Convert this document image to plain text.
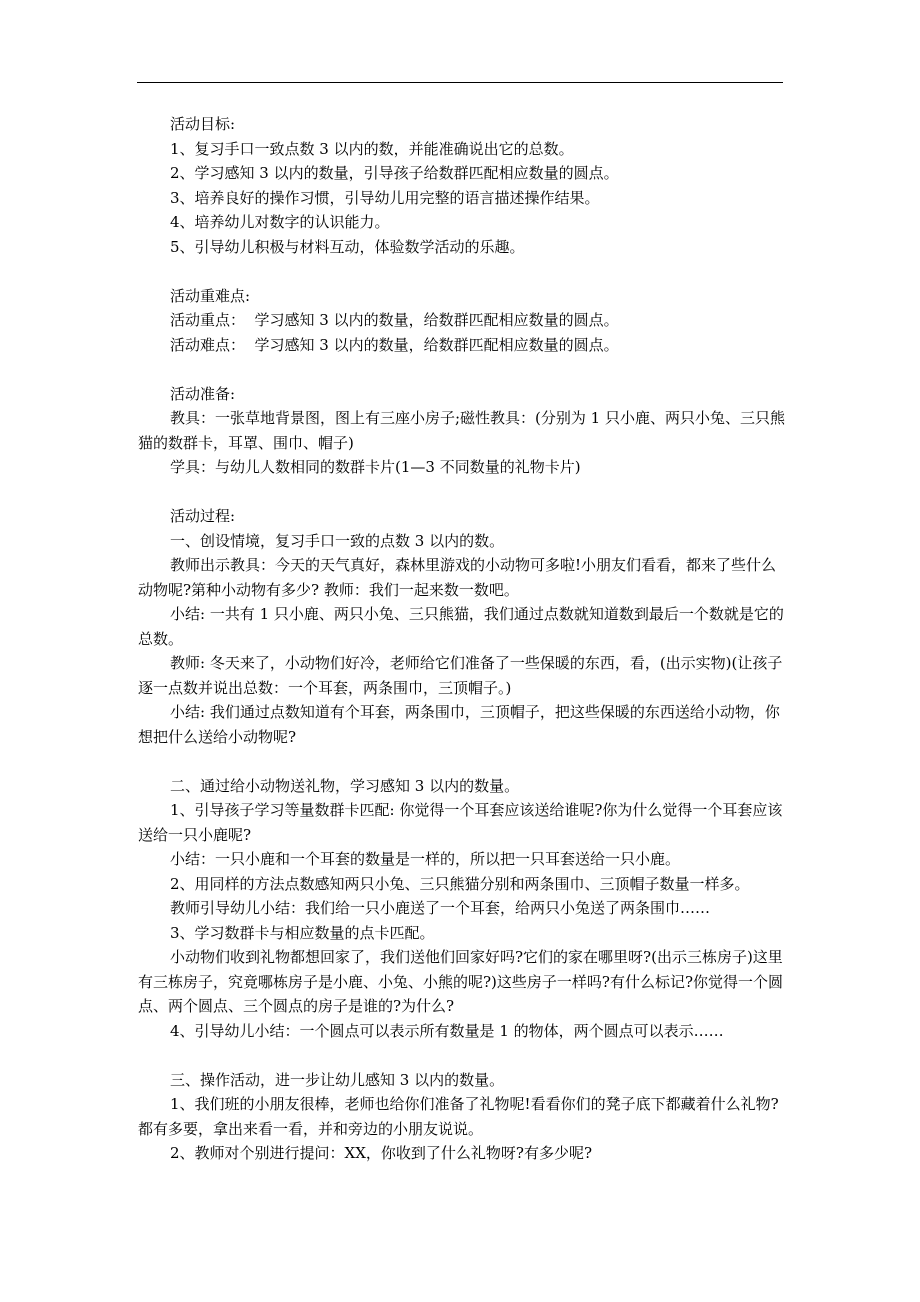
活动目标:

1、复习手口一致点数 3 以内的数，并能准确说出它的总数。

2、学习感知 3 以内的数量，引导孩子给数群匹配相应数量的圆点。

3、培养良好的操作习惯，引导幼儿用完整的语言描述操作结果。

4、培养幼儿对数字的认识能力。

5、引导幼儿积极与材料互动，体验数学活动的乐趣。

活动重难点:

活动重点：  学习感知 3 以内的数量，给数群匹配相应数量的圆点。

活动难点：  学习感知 3 以内的数量，给数群匹配相应数量的圆点。

活动准备:

教具：一张草地背景图，图上有三座小房子;磁性教具：(分别为 1 只小鹿、两只小兔、三只熊猫的数群卡，耳罩、围巾、帽子)

学具：与幼儿人数相同的数群卡片(1—3 不同数量的礼物卡片)

活动过程:

一、创设情境，复习手口一致的点数 3 以内的数。

教师出示教具：今天的天气真好，森林里游戏的小动物可多啦!小朋友们看看，都来了些什么动物呢?第种小动物有多少? 教师：我们一起来数一数吧。

小结: 一共有 1 只小鹿、两只小兔、三只熊猫，我们通过点数就知道数到最后一个数就是它的总数。

教师: 冬天来了，小动物们好冷，老师给它们准备了一些保暖的东西，看，(出示实物)(让孩子逐一点数并说出总数：一个耳套，两条围巾，三顶帽子。)

小结: 我们通过点数知道有个耳套，两条围巾，三顶帽子，把这些保暖的东西送给小动物，你想把什么送给小动物呢?

二、通过给小动物送礼物，学习感知 3 以内的数量。

1、引导孩子学习等量数群卡匹配: 你觉得一个耳套应该送给谁呢?你为什么觉得一个耳套应该送给一只小鹿呢?

小结：一只小鹿和一个耳套的数量是一样的，所以把一只耳套送给一只小鹿。

2、用同样的方法点数感知两只小兔、三只熊猫分别和两条围巾、三顶帽子数量一样多。

教师引导幼儿小结：我们给一只小鹿送了一个耳套，给两只小兔送了两条围巾……

3、学习数群卡与相应数量的点卡匹配。

小动物们收到礼物都想回家了，我们送他们回家好吗?它们的家在哪里呀?(出示三栋房子)这里有三栋房子，究竟哪栋房子是小鹿、小兔、小熊的呢?)这些房子一样吗?有什么标记?你觉得一个圆点、两个圆点、三个圆点的房子是谁的?为什么?

4、引导幼儿小结：一个圆点可以表示所有数量是 1 的物体，两个圆点可以表示……

三、操作活动，进一步让幼儿感知 3 以内的数量。

1、我们班的小朋友很棒，老师也给你们准备了礼物呢!看看你们的凳子底下都藏着什么礼物?都有多要，拿出来看一看，并和旁边的小朋友说说。

2、教师对个别进行提问：XX，你收到了什么礼物呀?有多少呢?
